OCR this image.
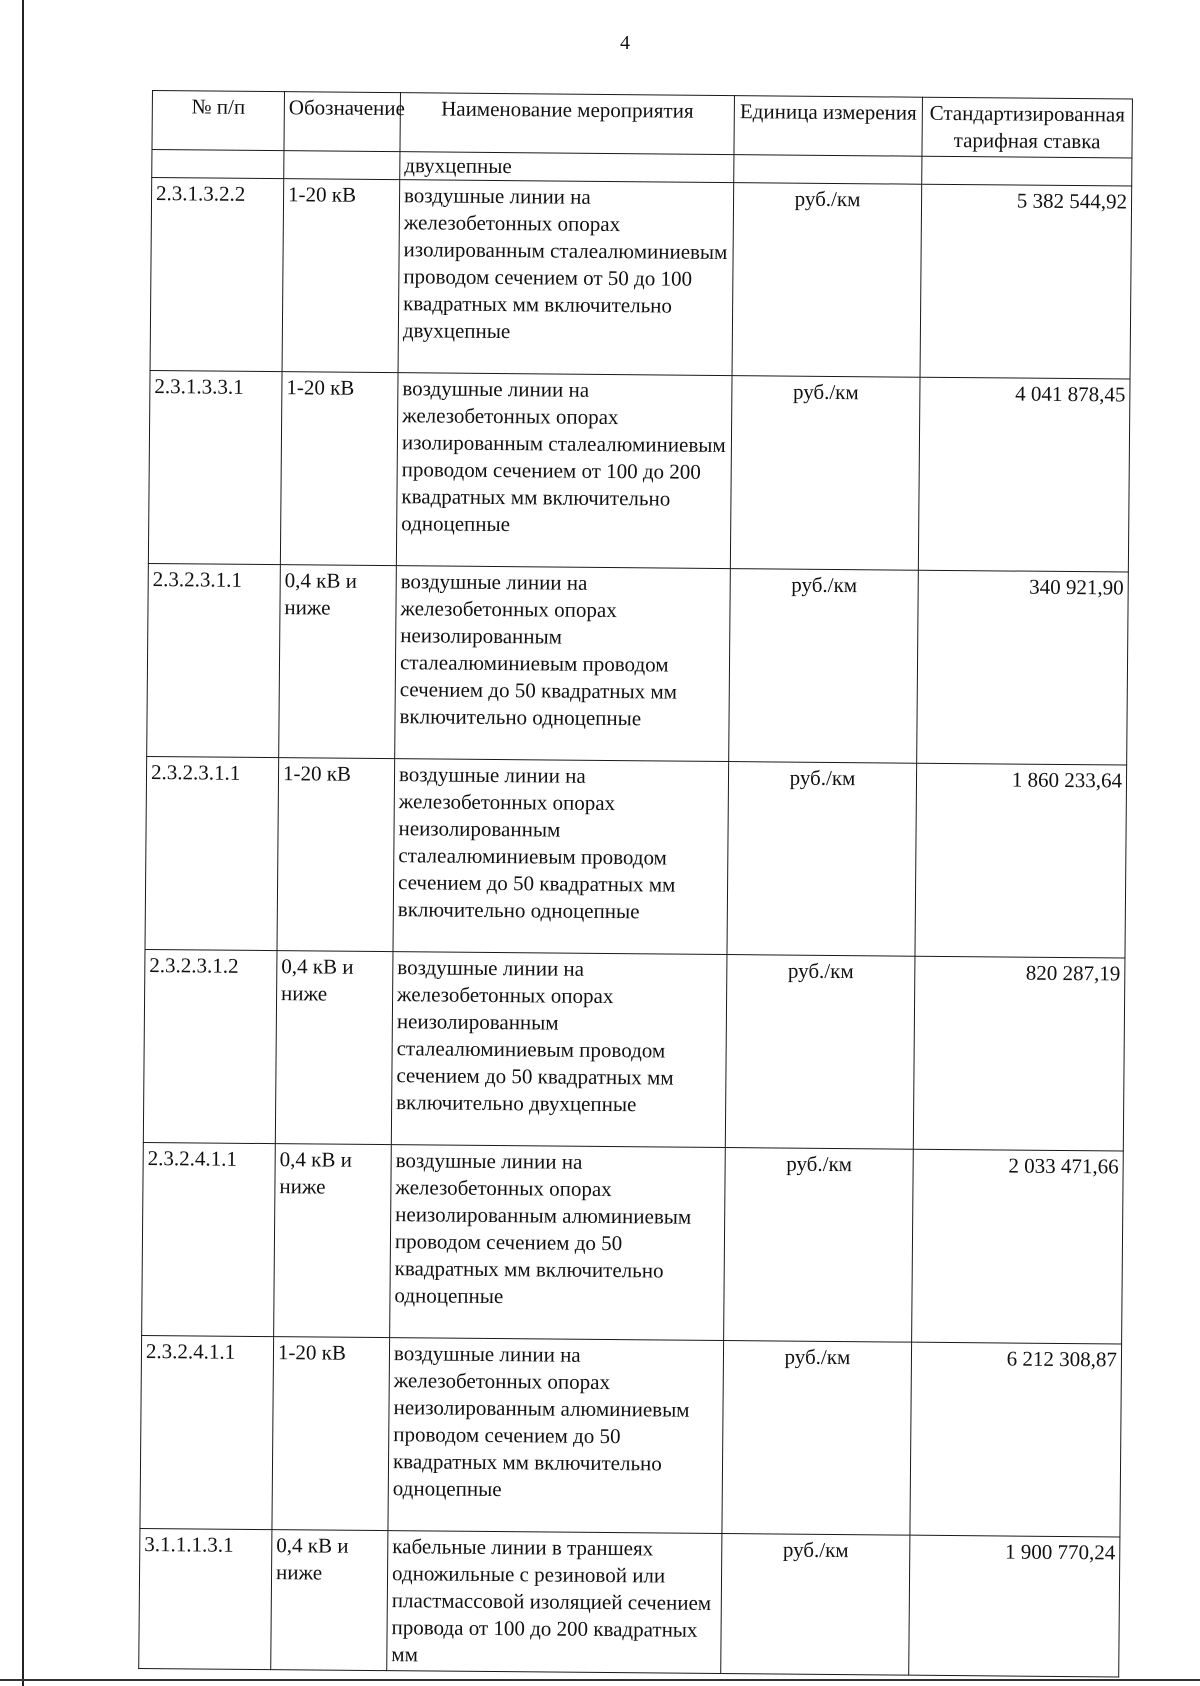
4
№ п/п	Обозначение	Наименование мероприятия	Единица измерения	Стандартизированная тарифная ставка
		двухцепные		
2.3.1.3.2.2	1-20 кВ	воздушные линии на железобетонных опорах изолированным сталеалюминиевым проводом сечением от 50 до 100 квадратных мм включительно двухцепные	руб./км	5 382 544,92
2.3.1.3.3.1	1-20 кВ	воздушные линии на железобетонных опорах изолированным сталеалюминиевым проводом сечением от 100 до 200 квадратных мм включительно одноцепные	руб./км	4 041 878,45
2.3.2.3.1.1	0,4 кВ и ниже	воздушные линии на железобетонных опорах неизолированным сталеалюминиевым проводом сечением до 50 квадратных мм включительно одноцепные	руб./км	340 921,90
2.3.2.3.1.1	1-20 кВ	воздушные линии на железобетонных опорах неизолированным сталеалюминиевым проводом сечением до 50 квадратных мм включительно одноцепные	руб./км	1 860 233,64
2.3.2.3.1.2	0,4 кВ и ниже	воздушные линии на железобетонных опорах неизолированным сталеалюминиевым проводом сечением до 50 квадратных мм включительно двухцепные	руб./км	820 287,19
2.3.2.4.1.1	0,4 кВ и ниже	воздушные линии на железобетонных опорах неизолированным алюминиевым проводом сечением до 50 квадратных мм включительно одноцепные	руб./км	2 033 471,66
2.3.2.4.1.1	1-20 кВ	воздушные линии на железобетонных опорах неизолированным алюминиевым проводом сечением до 50 квадратных мм включительно одноцепные	руб./км	6 212 308,87
3.1.1.1.3.1	0,4 кВ и ниже	кабельные линии в траншеях одножильные с резиновой или пластмассовой изоляцией сечением провода от 100 до 200 квадратных мм	руб./км	1 900 770,24
